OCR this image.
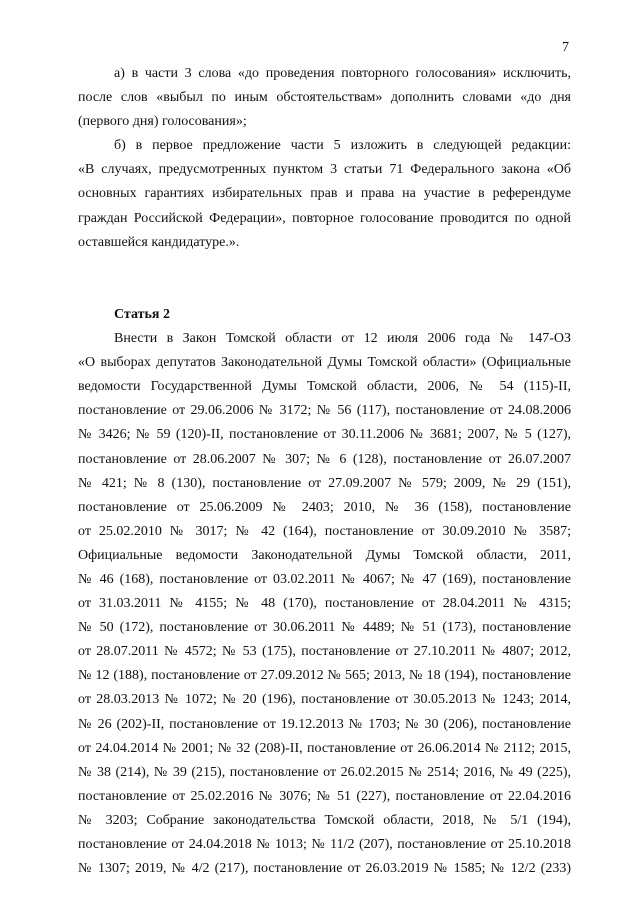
7
а) в части 3 слова «до проведения повторного голосования» исключить,
после слов «выбыл по иным обстоятельствам» дополнить словами «до дня
(первого дня) голосования»;
б) в первое предложение части 5 изложить в следующей редакции:
«В случаях, предусмотренных пунктом 3 статьи 71 Федерального закона «Об
основных гарантиях избирательных прав и права на участие в референдуме
граждан Российской Федерации», повторное голосование проводится по одной
оставшейся кандидатуре.».
Статья 2
Внести в Закон Томской области от 12 июля 2006 года № 147-ОЗ
«О выборах депутатов Законодательной Думы Томской области» (Официальные
ведомости Государственной Думы Томской области, 2006, № 54 (115)-II,
постановление от 29.06.2006 № 3172; № 56 (117), постановление от 24.08.2006
№ 3426; № 59 (120)-II, постановление от 30.11.2006 № 3681; 2007, № 5 (127),
постановление от 28.06.2007 № 307; № 6 (128), постановление от 26.07.2007
№ 421; № 8 (130), постановление от 27.09.2007 № 579; 2009, № 29 (151),
постановление от 25.06.2009 № 2403; 2010, № 36 (158), постановление
от 25.02.2010 № 3017; № 42 (164), постановление от 30.09.2010 № 3587;
Официальные ведомости Законодательной Думы Томской области, 2011,
№ 46 (168), постановление от 03.02.2011 № 4067; № 47 (169), постановление
от 31.03.2011 № 4155; № 48 (170), постановление от 28.04.2011 № 4315;
№ 50 (172), постановление от 30.06.2011 № 4489; № 51 (173), постановление
от 28.07.2011 № 4572; № 53 (175), постановление от 27.10.2011 № 4807; 2012,
№ 12 (188), постановление от 27.09.2012 № 565; 2013, № 18 (194), постановление
от 28.03.2013 № 1072; № 20 (196), постановление от 30.05.2013 № 1243; 2014,
№ 26 (202)-II, постановление от 19.12.2013 № 1703; № 30 (206), постановление
от 24.04.2014 № 2001; № 32 (208)-II, постановление от 26.06.2014 № 2112; 2015,
№ 38 (214), № 39 (215), постановление от 26.02.2015 № 2514; 2016, № 49 (225),
постановление от 25.02.2016 № 3076; № 51 (227), постановление от 22.04.2016
№ 3203; Собрание законодательства Томской области, 2018, № 5/1 (194),
постановление от 24.04.2018 № 1013; № 11/2 (207), постановление от 25.10.2018
№ 1307; 2019, № 4/2 (217), постановление от 26.03.2019 № 1585; № 12/2 (233)
